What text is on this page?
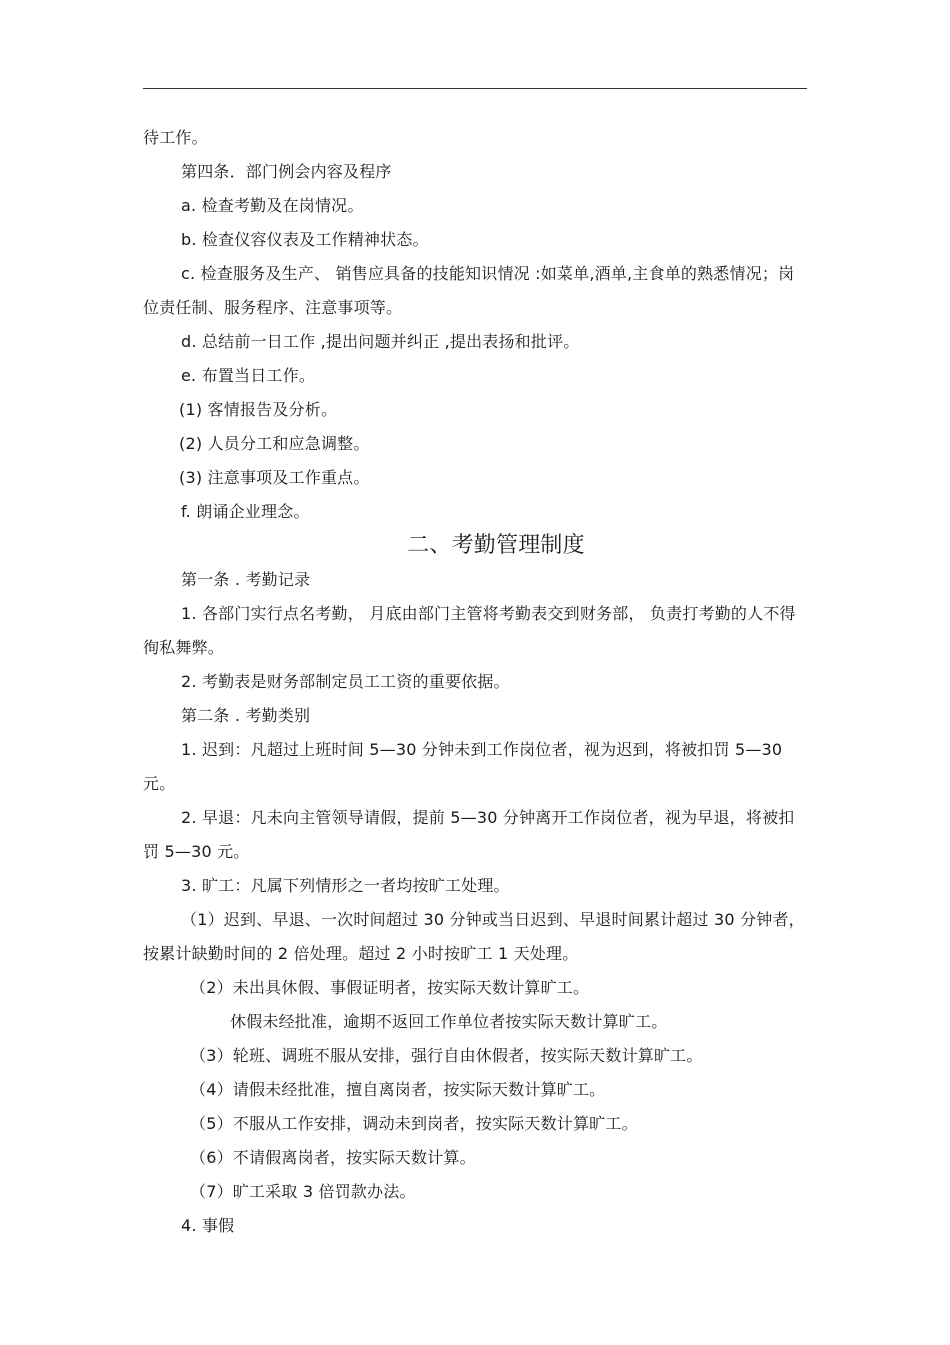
待工作。

第四条．部门例会内容及程序

a. 检查考勤及在岗情况。

b. 检查仪容仪表及工作精神状态。

c. 检查服务及生产、 销售应具备的技能知识情况 :如菜单,酒单,主食单的熟悉情况；岗位责任制、服务程序、注意事项等。

d. 总结前一日工作 ,提出问题并纠正 ,提出表扬和批评。

e. 布置当日工作。

(1) 客情报告及分析。

(2) 人员分工和应急调整。

(3) 注意事项及工作重点。

f. 朗诵企业理念。

二、考勤管理制度

第一条 . 考勤记录

1. 各部门实行点名考勤， 月底由部门主管将考勤表交到财务部， 负责打考勤的人不得徇私舞弊。

2. 考勤表是财务部制定员工工资的重要依据。

第二条 . 考勤类别

1. 迟到：凡超过上班时间 5—30 分钟未到工作岗位者，视为迟到，将被扣罚 5—30 元。

2. 早退：凡未向主管领导请假，提前 5—30 分钟离开工作岗位者，视为早退，将被扣罚 5—30 元。

3. 旷工：凡属下列情形之一者均按旷工处理。

（1）迟到、早退、一次时间超过 30 分钟或当日迟到、早退时间累计超过 30 分钟者，按累计缺勤时间的 2 倍处理。超过 2 小时按旷工 1 天处理。

（2）未出具休假、事假证明者，按实际天数计算旷工。

休假未经批准，逾期不返回工作单位者按实际天数计算旷工。

（3）轮班、调班不服从安排，强行自由休假者，按实际天数计算旷工。

（4）请假未经批准，擅自离岗者，按实际天数计算旷工。

（5）不服从工作安排，调动未到岗者，按实际天数计算旷工。

（6）不请假离岗者，按实际天数计算。

（7）旷工采取 3 倍罚款办法。

4. 事假
